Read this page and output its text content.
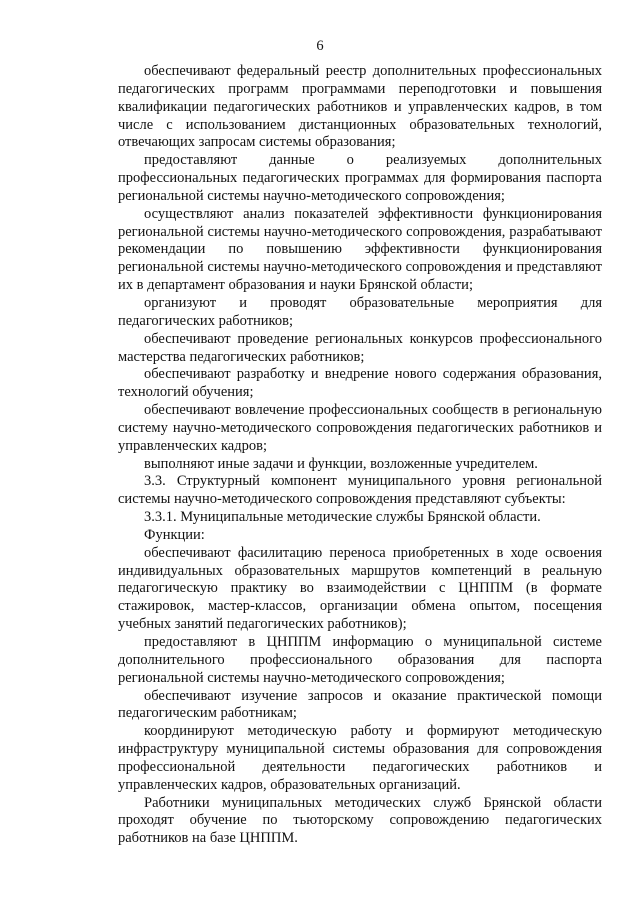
6

обеспечивают федеральный реестр дополнительных профессиональных педагогических программ программами переподготовки и повышения квалификации педагогических работников и управленческих кадров, в том числе с использованием дистанционных образовательных технологий, отвечающих запросам системы образования;

предоставляют данные о реализуемых дополнительных профессиональных педагогических программах для формирования паспорта региональной системы научно-методического сопровождения;

осуществляют анализ показателей эффективности функционирования региональной системы научно-методического сопровождения, разрабатывают рекомендации по повышению эффективности функционирования региональной системы научно-методического сопровождения и представляют их в департамент образования и науки Брянской области;

организуют и проводят образовательные мероприятия для педагогических работников;

обеспечивают проведение региональных конкурсов профессионального мастерства педагогических работников;

обеспечивают разработку и внедрение нового содержания образования, технологий обучения;

обеспечивают вовлечение профессиональных сообществ в региональную систему научно-методического сопровождения педагогических работников и управленческих кадров;

выполняют иные задачи и функции, возложенные учредителем.

3.3. Структурный компонент муниципального уровня региональной системы научно-методического сопровождения представляют субъекты:

3.3.1. Муниципальные методические службы Брянской области.

Функции:

обеспечивают фасилитацию переноса приобретенных в ходе освоения индивидуальных образовательных маршрутов компетенций в реальную педагогическую практику во взаимодействии с ЦНППМ (в формате стажировок, мастер-классов, организации обмена опытом, посещения учебных занятий педагогических работников);

предоставляют в ЦНППМ информацию о муниципальной системе дополнительного профессионального образования для паспорта региональной системы научно-методического сопровождения;

обеспечивают изучение запросов и оказание практической помощи педагогическим работникам;

координируют методическую работу и формируют методическую инфраструктуру муниципальной системы образования для сопровождения профессиональной деятельности педагогических работников и управленческих кадров, образовательных организаций.

Работники муниципальных методических служб Брянской области проходят обучение по тьюторскому сопровождению педагогических работников на базе ЦНППМ.
